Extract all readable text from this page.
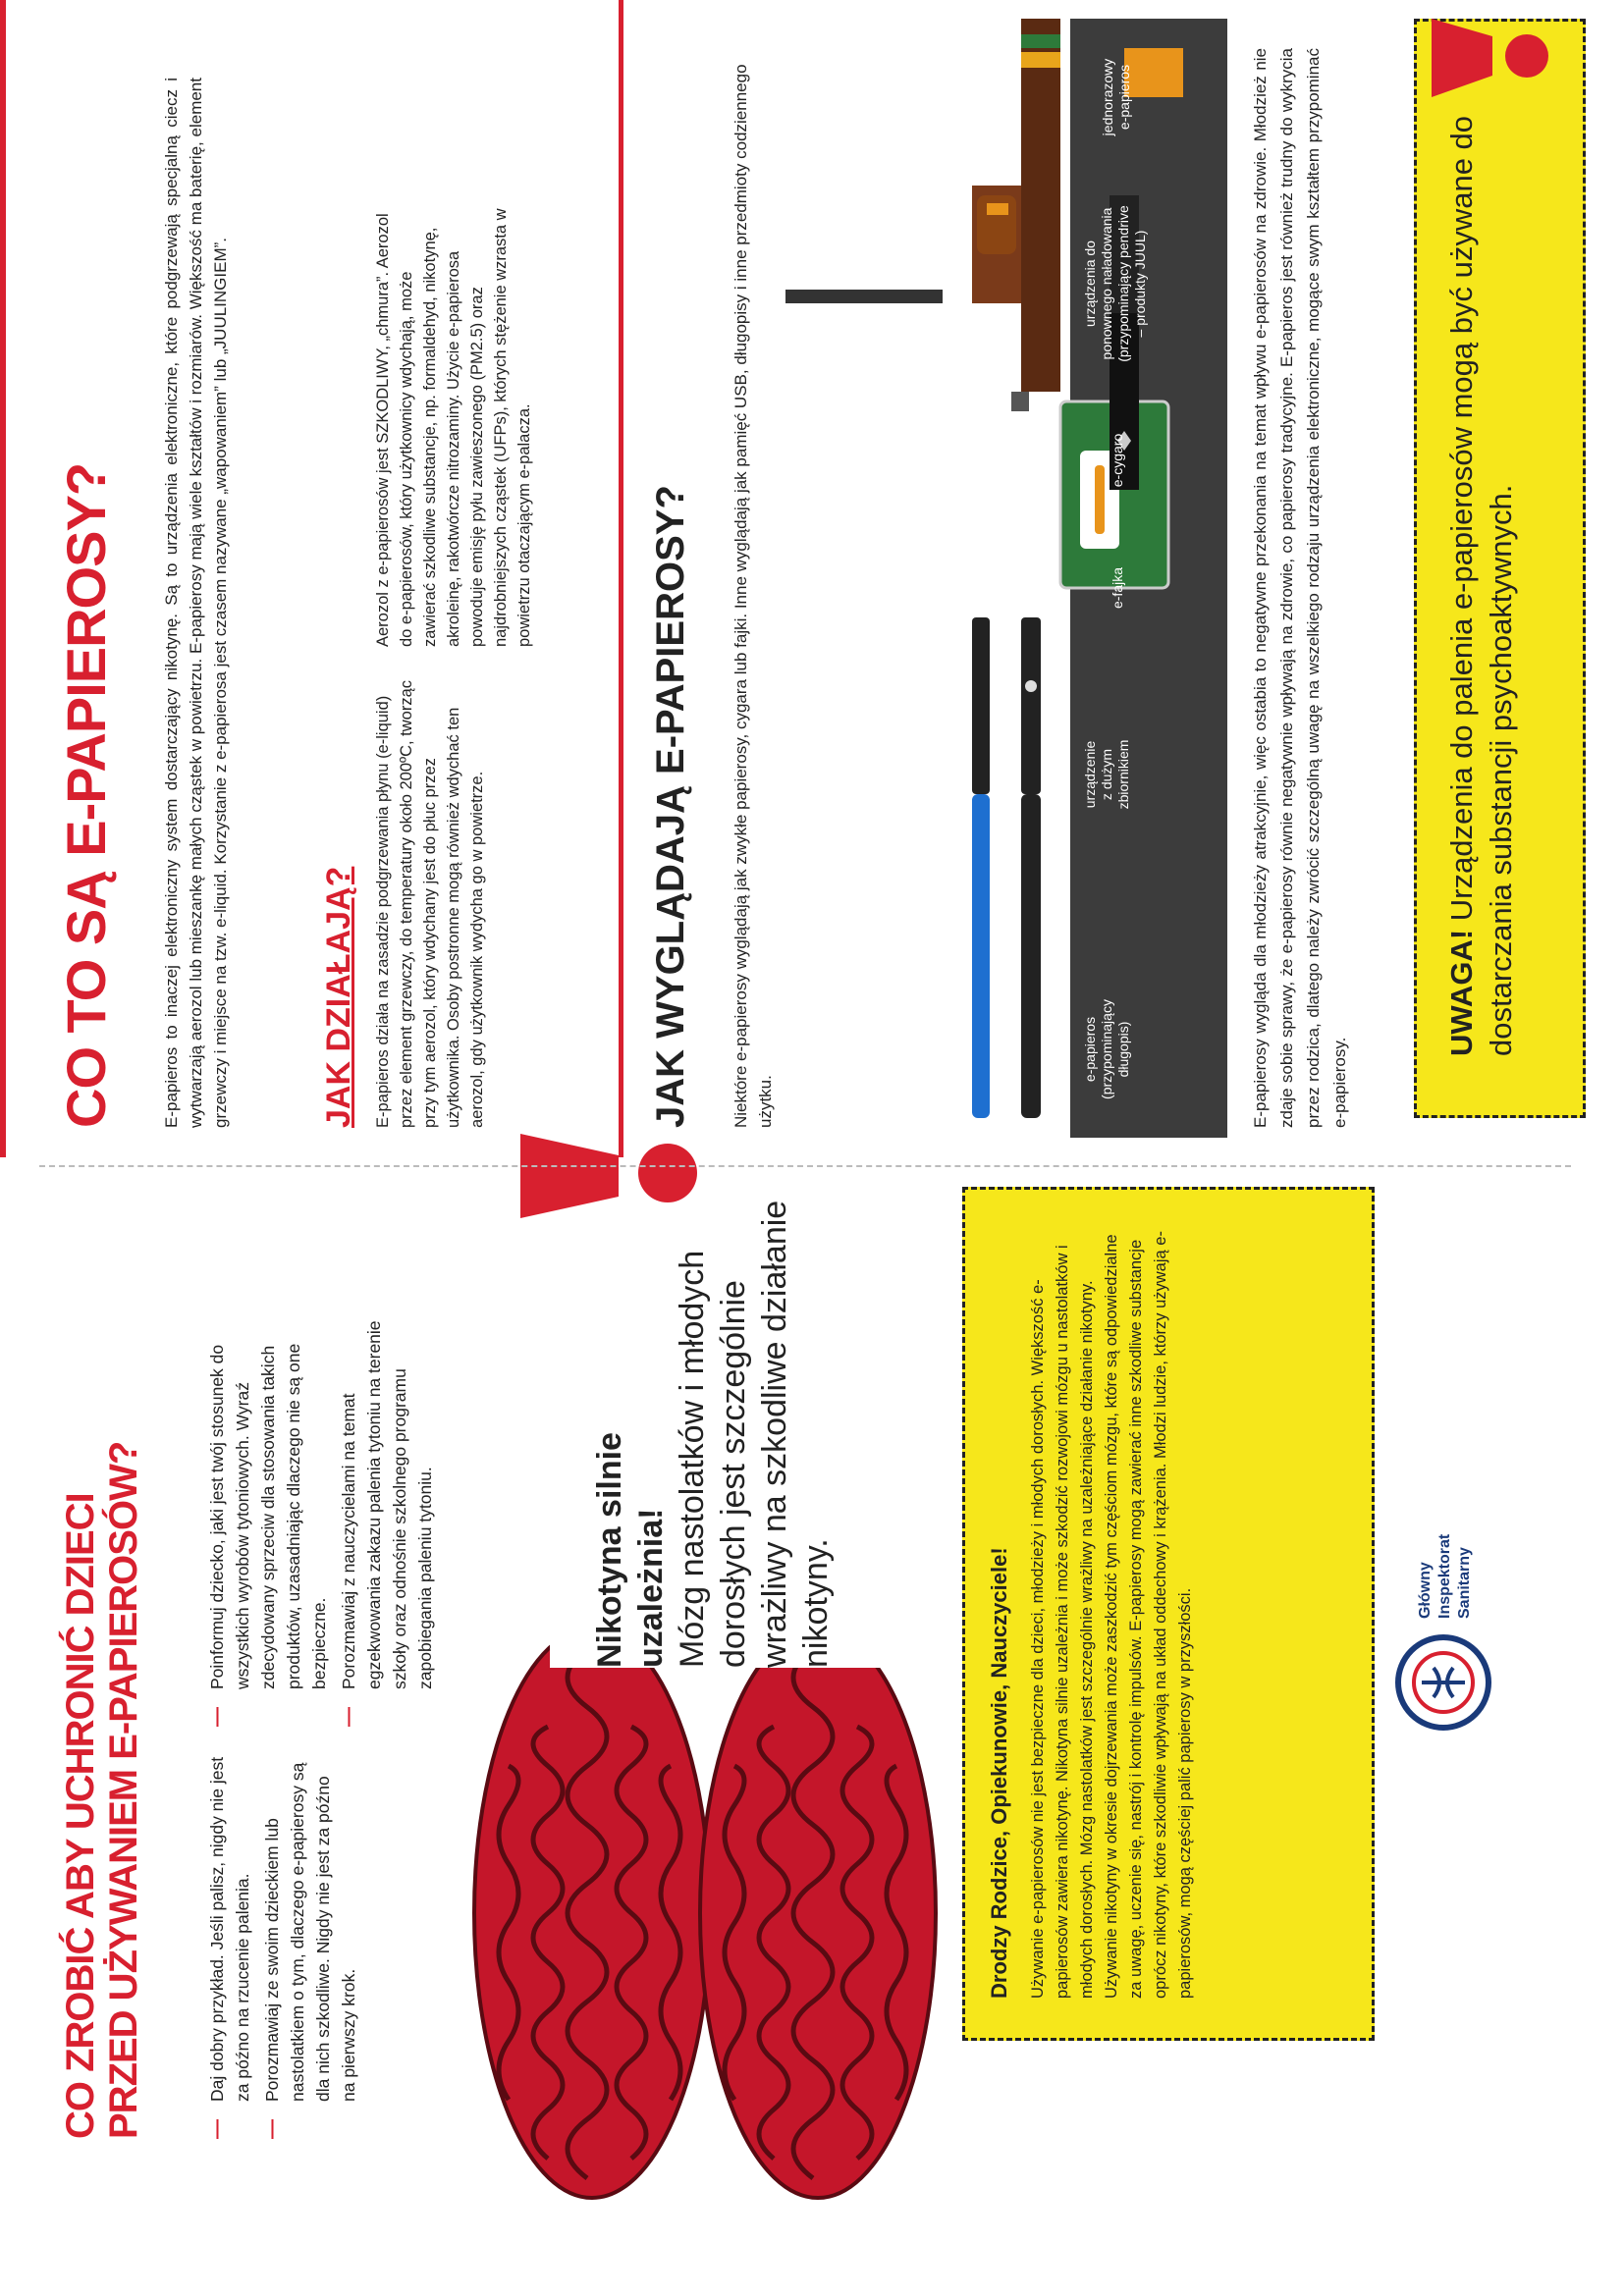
CO ZROBIĆ ABY UCHRONIĆ DZIECI PRZED UŻYWANIEM E-PAPIEROSÓW?	—
Daj dobry przykład. Jeśli palisz, nigdy nie jest za późno na rzucenie palenia.
—
Porozmawiaj ze swoim dzieckiem lub nastolatkiem o tym, dlaczego e-papierosy są dla nich szkodliwe. Nigdy nie jest za późno na pierwszy krok.
—
Poinformuj dziecko, jaki jest twój stosunek do wszystkich wyrobów tytoniowych. Wyraź zdecydowany sprzeciw dla stosowania takich produktów, uzasadniając dlaczego nie są one bezpieczne.
—
Porozmawiaj z nauczycielami na temat egzekwowania zakazu palenia tytoniu na terenie szkoły oraz odnośnie szkolnego programu zapobiegania paleniu tytoniu.	Nikotyna silnie uzależnia! Mózg nastolatków i młodych dorosłych jest szczególnie wrażliwy na szkodliwe działanie nikotyny.	Drodzy Rodzice, Opiekunowie, Nauczyciele! Używanie e-papierosów nie jest bezpieczne dla dzieci, młodzieży i młodych dorosłych. Większość e-papierosów zawiera nikotynę. Nikotyna silnie uzależnia i może szkodzić rozwojowi mózgu u nastolatków i młodych dorosłych. Mózg nastolatków jest szczególnie wrażliwy na uzależniające działanie nikotyny. Używanie nikotyny w okresie dojrzewania może zaszkodzić tym częściom mózgu, które są odpowiedzialne za uwagę, uczenie się, nastrój i kontrolę impulsów. E-papierosy mogą zawierać inne szkodliwe substancje oprócz nikotyny, które szkodliwie wpływają na układ oddechowy i krążenia. Młodzi ludzie, którzy używają e-papierosów, mogą częściej palić papierosy w przyszłości.	Główny Inspektorat Sanitarny
CO TO SĄ E-PAPIEROSY?	E-papieros to inaczej elektroniczny system dostarczający nikotynę. Są to urządzenia elektroniczne, które podgrzewają specjalną ciecz i wytwarzają aerozol lub mieszankę małych cząstek w powietrzu. E-papierosy mają wiele kształtów i rozmiarów. Większość ma baterię, element grzewczy i miejsce na tzw. e-liquid. Korzystanie z e-papierosa jest czasem nazywane „wapowaniem” lub „JUULINGIEM”.	JAK DZIAŁAJĄ? E-papieros działa na zasadzie podgrzewania płynu (e-liquid) przez element grzewczy, do temperatury około 200ºC, tworząc przy tym aerozol, który wdychany jest do płuc przez użytkownika. Osoby postronne mogą również wdychać ten aerozol, gdy użytkownik wydycha go w powietrze.
Aerozol z e-papierosów jest SZKODLIWY, „chmura”. Aerozol do e-papierosów, który użytkownicy wdychają, może zawierać szkodliwe substancje, np. formaldehyd, nikotynę, akroleinę, rakotwórcze nitrozaminy. Użycie e-papierosa powoduje emisję pyłu zawieszonego (PM2.5) oraz najdrobniejszych cząstek (UFPs), których stężenie wzrasta w powietrzu otaczającym e-palacza.	JAK WYGLĄDAJĄ E-PAPIEROSY? Niektóre e-papierosy wyglądają jak zwykłe papierosy, cygara lub fajki. Inne wyglądają jak pamięć USB, długopisy i inne przedmioty codziennego użytku.
e-papieros (przypominający długopis)
urządzenie z dużym zbiornikiem
e-fajka
e-cygaro
urządzenia do ponownego naładowania (przypominający pendrive – produkty JUUL)
jednorazowy e-papieros	E-papierosy wygląda dla młodzieży atrakcyjnie, więc ostabia to negatywne przekonania na temat wpływu e-papierosów na zdrowie. Młodzież nie zdaje sobie sprawy, że e-papierosy równie negatywnie wpływają na zdrowie, co papierosy tradycyjne. E-papieros jest również trudny do wykrycia przez rodzica, dlatego należy zwrócić szczególną uwagę na wszelkiego rodzaju urządzenia elektroniczne, mogące swym kształtem przypominać e-papierosy.
UWAGA! Urządzenia do palenia e-papierosów mogą być używane do dostarczania substancji psychoaktywnych.
